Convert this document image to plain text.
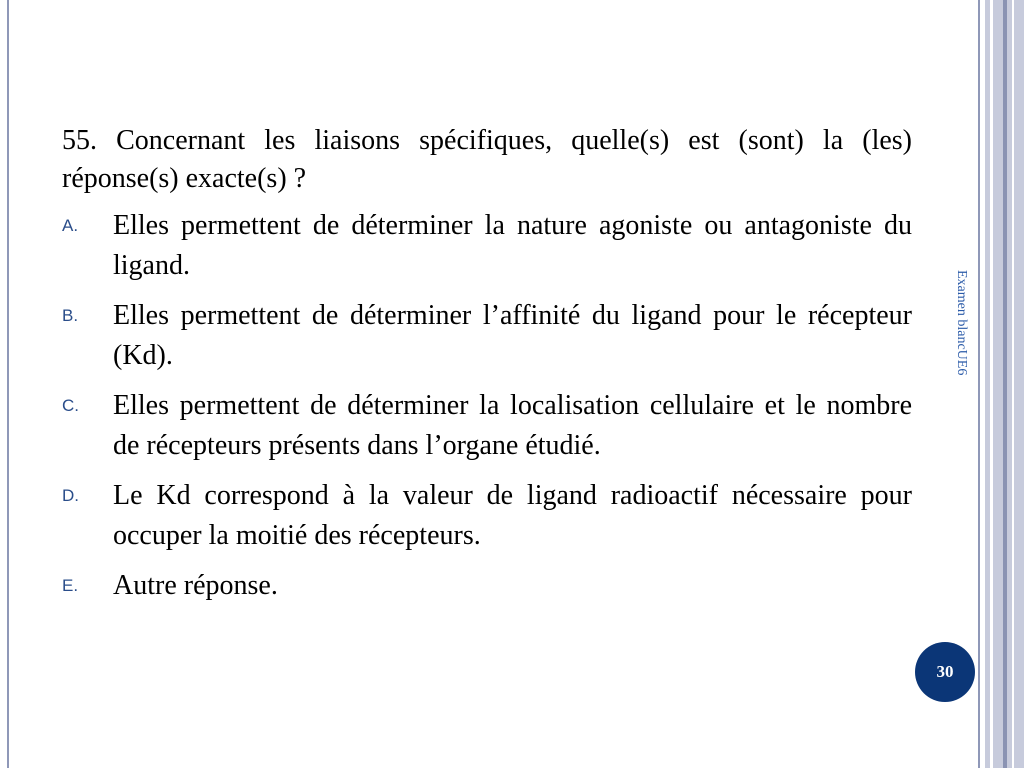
55. Concernant les liaisons spécifiques, quelle(s) est (sont) la (les) réponse(s) exacte(s) ?

A. Elles permettent de déterminer la nature agoniste ou antagoniste du ligand.
B. Elles permettent de déterminer l’affinité du ligand pour le récepteur (Kd).
C. Elles permettent de déterminer la localisation cellulaire et le nombre de récepteurs présents dans l’organe étudié.
D. Le Kd correspond à la valeur de ligand radioactif nécessaire pour occuper la moitié des récepteurs.
E. Autre réponse.
Examen blancUE6
30
